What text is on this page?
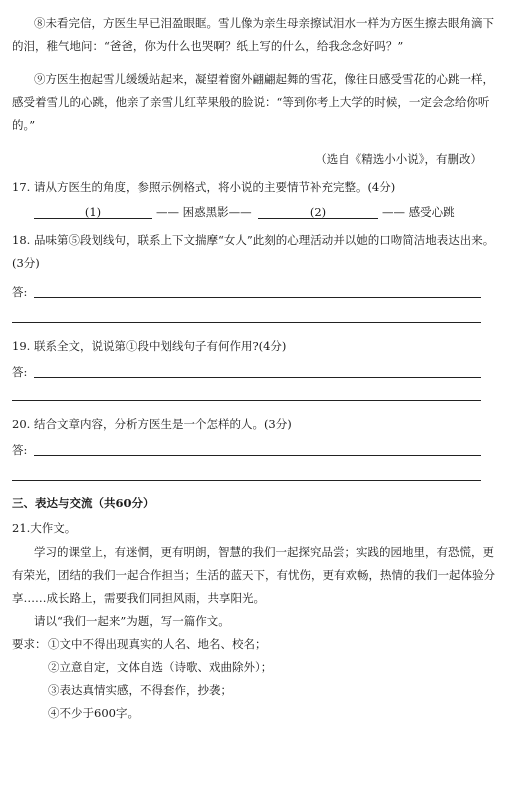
⑧未看完信，方医生早已泪盈眼眶。雪儿像为亲生母亲擦试泪水一样为方医生擦去眼角滴下的泪，稚气地问：“爸爸，你为什么也哭啊？纸上写的什么，给我念念好吗？”

⑨方医生抱起雪儿缓缓站起来，凝望着窗外翩翩起舞的雪花，像往日感受雪花的心跳一样，感受着雪儿的心跳，他亲了亲雪儿红苹果般的脸说：“等到你考上大学的时候，一定会念给你听的。”

（选自《精选小小说》，有删改）

17. 请从方医生的角度，参照示例格式，将小说的主要情节补充完整。(4分)

(1)	—— 困惑黑影——	(2)	—— 感受心跳

18. 品味第⑤段划线句，联系上下文揣摩“女人”此刻的心理活动并以她的口吻简洁地表达出来。(3分)

答:

19. 联系全文，说说第①段中划线句子有何作用?(4分)

答:

20. 结合文章内容，分析方医生是一个怎样的人。(3分)

答:

三、表达与交流（共60分）

21.大作文。

学习的课堂上，有迷惘，更有明朗，智慧的我们一起探究品尝；实践的园地里，有恐慌，更有荣光，团结的我们一起合作担当；生活的蓝天下，有忧伤，更有欢畅，热情的我们一起体验分享……成长路上，需要我们同担风雨，共享阳光。

请以“我们一起来”为题，写一篇作文。

要求： ①文中不得出现真实的人名、地名、校名；
②立意自定，文体自选（诗歌、戏曲除外）；
③表达真情实感，不得套作，抄袭；
④不少于600字。
